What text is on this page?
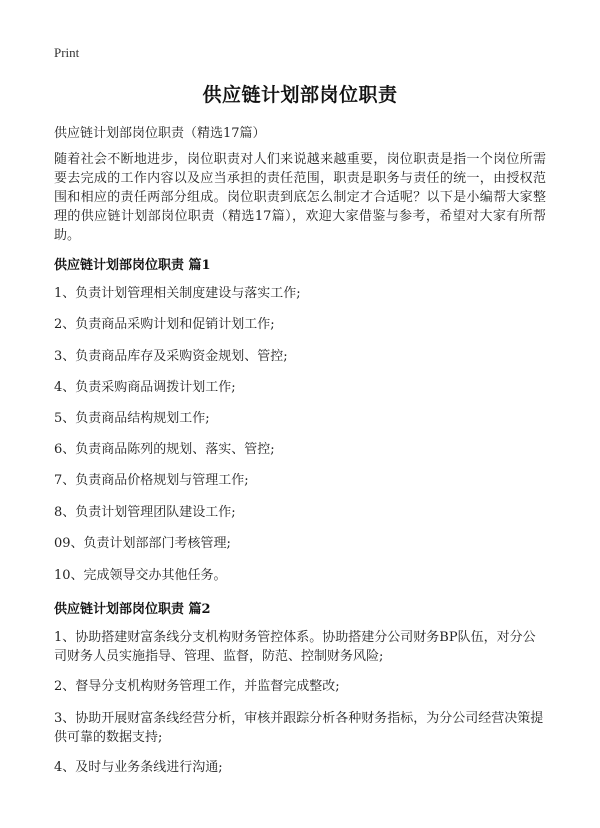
Print
供应链计划部岗位职责
供应链计划部岗位职责（精选17篇）
随着社会不断地进步，岗位职责对人们来说越来越重要，岗位职责是指一个岗位所需要去完成的工作内容以及应当承担的责任范围，职责是职务与责任的统一，由授权范围和相应的责任两部分组成。岗位职责到底怎么制定才合适呢？以下是小编帮大家整理的供应链计划部岗位职责（精选17篇），欢迎大家借鉴与参考，希望对大家有所帮助。

供应链计划部岗位职责 篇1

1、负责计划管理相关制度建设与落实工作;
2、负责商品采购计划和促销计划工作;
3、负责商品库存及采购资金规划、管控;
4、负责采购商品调拨计划工作;
5、负责商品结构规划工作;
6、负责商品陈列的规划、落实、管控;
7、负责商品价格规划与管理工作;
8、负责计划管理团队建设工作;
09、负责计划部部门考核管理;
10、完成领导交办其他任务。

供应链计划部岗位职责 篇2

1、协助搭建财富条线分支机构财务管控体系。协助搭建分公司财务BP队伍，对分公司财务人员实施指导、管理、监督，防范、控制财务风险;
2、督导分支机构财务管理工作，并监督完成整改;
3、协助开展财富条线经营分析，审核并跟踪分析各种财务指标，为分公司经营决策提供可靠的数据支持;
4、及时与业务条线进行沟通;
